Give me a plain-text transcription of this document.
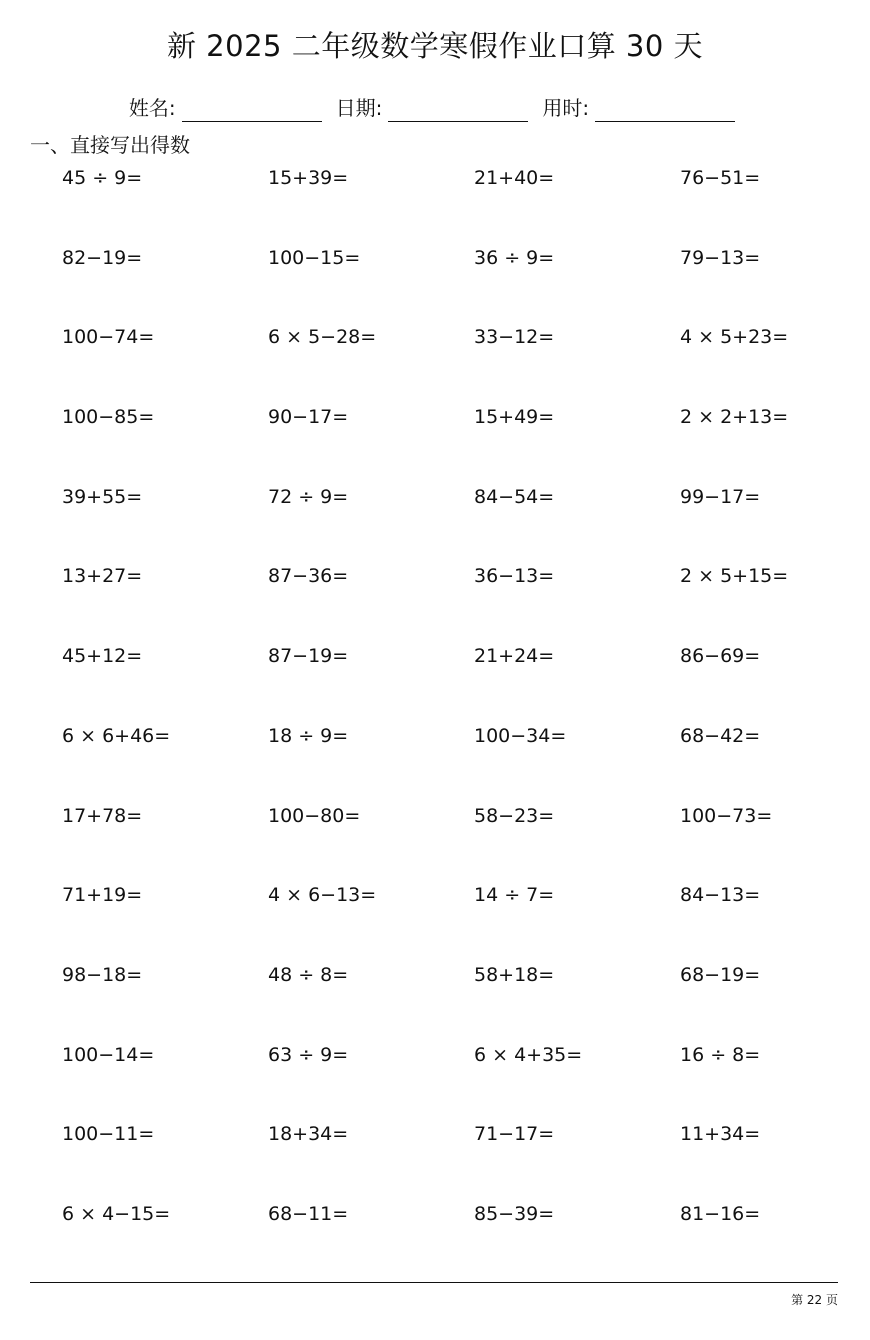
新 2025 二年级数学寒假作业口算 30 天
姓名:	日期:	用时:
一、直接写出得数
45 ÷ 9=	15+39=	21+40=	76−51=
82−19=	100−15=	36 ÷ 9=	79−13=
100−74=	6 × 5−28=	33−12=	4 × 5+23=
100−85=	90−17=	15+49=	2 × 2+13=
39+55=	72 ÷ 9=	84−54=	99−17=
13+27=	87−36=	36−13=	2 × 5+15=
45+12=	87−19=	21+24=	86−69=
6 × 6+46=	18 ÷ 9=	100−34=	68−42=
17+78=	100−80=	58−23=	100−73=
71+19=	4 × 6−13=	14 ÷ 7=	84−13=
98−18=	48 ÷ 8=	58+18=	68−19=
100−14=	63 ÷ 9=	6 × 4+35=	16 ÷ 8=
100−11=	18+34=	71−17=	11+34=
6 × 4−15=	68−11=	85−39=	81−16=
第 22 页
